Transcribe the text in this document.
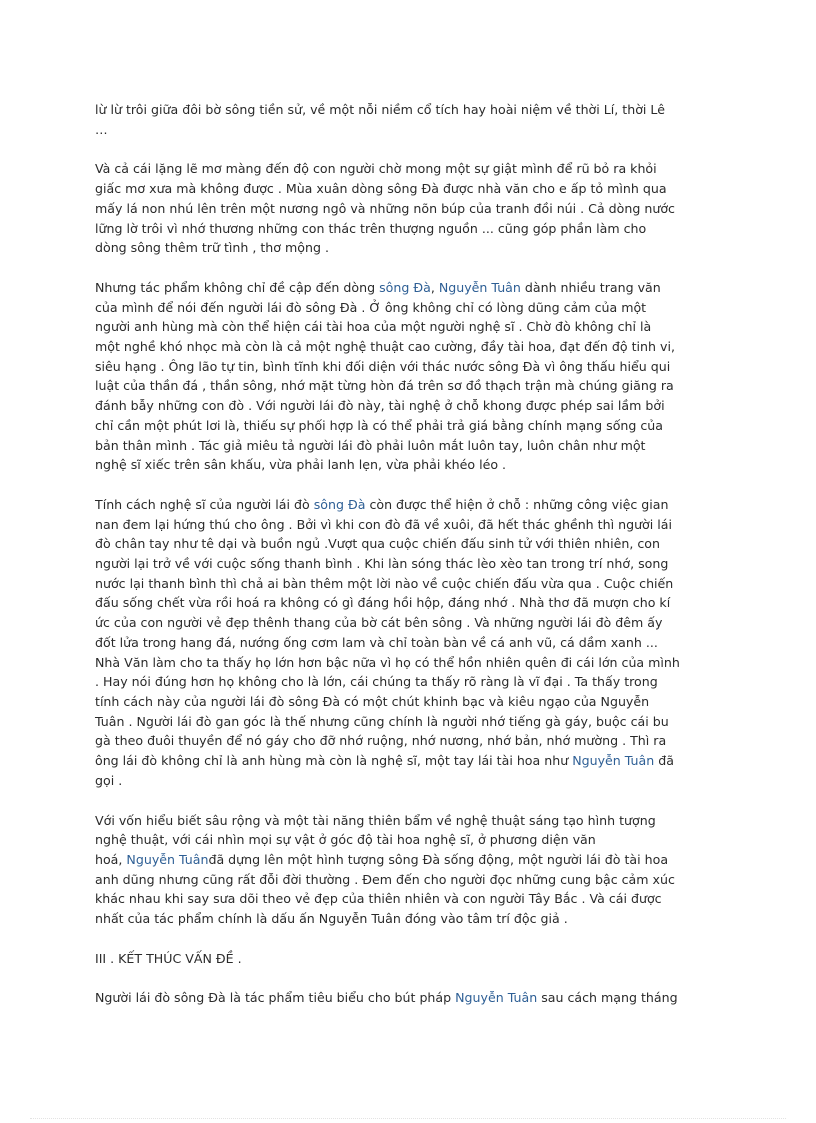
lừ lừ trôi giữa đôi bờ sông tiền sử, về một nỗi niềm cổ tích hay hoài niệm về thời Lí, thời Lê
…

Và cả cái lặng lẽ mơ màng đến độ con người chờ mong một sự giật mình để rũ bỏ ra khỏi
giấc mơ xưa mà không được . Mùa xuân dòng sông Đà được nhà văn cho e ấp tỏ mình qua
mấy lá non nhú lên trên một nương ngô và những nõn búp của tranh đồi núi . Cả dòng nước
lững lờ trôi vì nhớ thương những con thác trên thượng nguồn ... cũng góp phần làm cho
dòng sông thêm trữ tình , thơ mộng .

Nhưng tác phẩm không chỉ đề cập đến dòng sông Đà, Nguyễn Tuân dành nhiều trang văn
của mình để nói đến người lái đò sông Đà . Ở ông không chỉ có lòng dũng cảm của một
người anh hùng mà còn thể hiện cái tài hoa của một người nghệ sĩ . Chờ đò không chỉ là
một nghề khó nhọc mà còn là cả một nghệ thuật cao cường, đầy tài hoa, đạt đến độ tinh vi,
siêu hạng . Ông lão tự tin, bình tĩnh khi đối diện với thác nước sông Đà vì ông thấu hiểu qui
luật của thần đá , thần sông, nhớ mặt từng hòn đá trên sơ đồ thạch trận mà chúng giăng ra
đánh bẫy những con đò . Với người lái đò này, tài nghệ ở chỗ khong được phép sai lầm bởi
chỉ cần một phút lơi là, thiếu sự phối hợp là có thể phải trả giá bằng chính mạng sống của
bản thân mình . Tác giả miêu tả người lái đò phải luôn mắt luôn tay, luôn chân như một
nghệ sĩ xiếc trên sân khấu, vừa phải lanh lẹn, vừa phải khéo léo .

Tính cách nghệ sĩ của người lái đò sông Đà còn được thể hiện ở chỗ : những công việc gian
nan đem lại hứng thú cho ông . Bởi vì khi con đò đã về xuôi, đã hết thác ghềnh thì người lái
đò chân tay như tê dại và buồn ngủ .Vượt qua cuộc chiến đấu sinh tử với thiên nhiên, con
người lại trở về với cuộc sống thanh bình . Khi làn sóng thác lèo xèo tan trong trí nhớ, song
nước lại thanh bình thì chả ai bàn thêm một lời nào về cuộc chiến đấu vừa qua . Cuộc chiến
đấu sống chết vừa rồi hoá ra không có gì đáng hồi hộp, đáng nhớ . Nhà thơ đã mượn cho kí
ức của con người vẻ đẹp thênh thang của bờ cát bên sông . Và những người lái đò đêm ấy
đốt lửa trong hang đá, nướng ống cơm lam và chỉ toàn bàn về cá anh vũ, cá dầm xanh ...
Nhà Văn làm cho ta thấy họ lớn hơn bậc nữa vì họ có thể hồn nhiên quên đi cái lớn của mình
. Hay nói đúng hơn họ không cho là lớn, cái chúng ta thấy rõ ràng là vĩ đại . Ta thấy trong
tính cách này của người lái đò sông Đà có một chút khinh bạc và kiêu ngạo của Nguyễn
Tuân . Người lái đò gan góc là thế nhưng cũng chính là người nhớ tiếng gà gáy, buộc cái bu
gà theo đuôi thuyền để nó gáy cho đỡ nhớ ruộng, nhớ nương, nhớ bản, nhớ mường . Thì ra
ông lái đò không chỉ là anh hùng mà còn là nghệ sĩ, một tay lái tài hoa như Nguyễn Tuân đã
gọi .

Với vốn hiểu biết sâu rộng và một tài năng thiên bẩm về nghệ thuật sáng tạo hình tượng
nghệ thuật, với cái nhìn mọi sự vật ở góc độ tài hoa nghệ sĩ, ở phương diện văn
hoá, Nguyễn Tuânđã dựng lên một hình tượng sông Đà sống động, một người lái đò tài hoa
anh dũng nhưng cũng rất đỗi đời thường . Đem đến cho người đọc những cung bậc cảm xúc
khác nhau khi say sưa dõi theo vẻ đẹp của thiên nhiên và con người Tây Bắc . Và cái được
nhất của tác phẩm chính là dấu ấn Nguyễn Tuân đóng vào tâm trí độc giả .

III . KẾT THÚC VẤN ĐỀ .

Người lái đò sông Đà là tác phẩm tiêu biểu cho bút pháp Nguyễn Tuân sau cách mạng tháng
